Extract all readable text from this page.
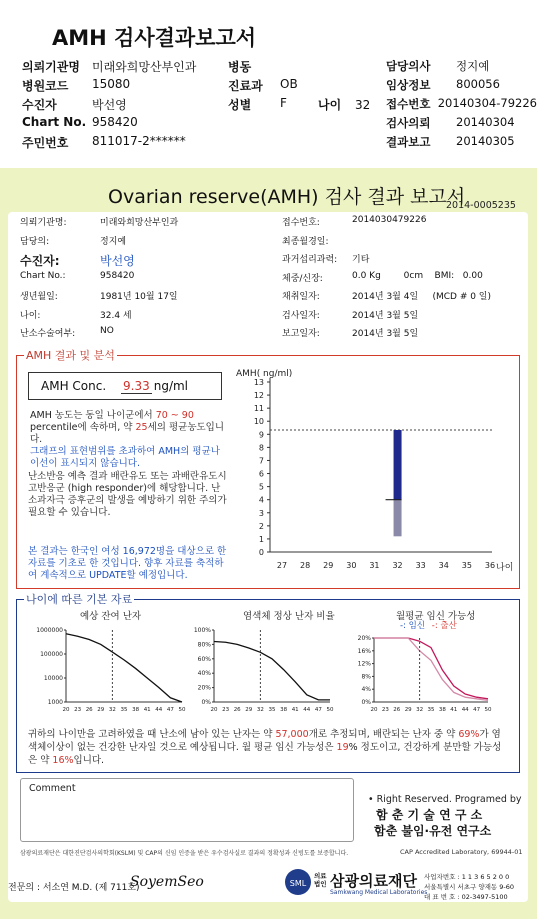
AMH 검사결과보고서
의뢰기관명	미래와희망산부인과
병원코드	15080
수진자	박선영
Chart No. 958420
주민번호	811017-2******
병동
진료과	OB
성별	F	나이 32
담당의사	정지예
임상정보	800056
접수번호 20140304-79226
검사의뢰	20140304
결과보고	20140305
Ovarian reserve(AMH) 검사 결과 보고서
2014-0005235
의뢰기관명:	미래와희망산부인과
담당의:	정지예
수진자:	박선영
Chart No.:	958420
생년월일:	1981년 10월 17일
나이:	32.4 세
난소수술여부:	NO
접수번호:	2014030479226
최종월경일:
과거섭리과력:	기타
체중/신장:	0.0 Kg        0cm    BMI:   0.00
채취일자:	2014년 3월 4일     (MCD # 0 일)
검사일자:	2014년 3월 5일
보고일자:	2014년 3월 5일
AMH 결과 및 분석
AMH Conc.	9.33 ng/ml
AMH 농도는 동일 나이군에서 70 ~ 90 percentile에 속하며, 약 25세의 평균농도입니다.
그래프의 표현범위를 초과하여 AMH의 평균나이선이 표시되지 않습니다.
난소반응 예측 결과 배란유도 또는 과배란유도시 고반응군 (high responder)에 해당합니다. 난소과자극 증후군의 발생을 예방하기 위한 주의가 필요할 수 있습니다.
본 결과는 한국인 여성 16,972명을 대상으로 한 자료를 기초로 한 것입니다. 향후 자료를 축적하여 계속적으로 UPDATE할 예정입니다.
AMH( ng/ml)
0
1
2
3
4
5
6
7
8
9
10
11
12
13
27 28 29 30 31 32 33 34 35 36 나이
나이에 따른 기본 자료
예상 잔여 난자	염색체 정상 난자 비율	월평균 임신 가능성
-: 임신 -: 출산
1000
10000
100000
1000000
20 23 26 29 32 35 38 41 44 47 50
0%
20%
40%
60%
80%
100%
20 23 26 29 32 35 38 41 44 47 50
0%
4%
8%
12%
16%
20%
20 23 26 29 32 35 38 41 44 47 50
귀하의 나이만을 고려하였을 때 난소에 남아 있는 난자는 약 57,000개로 추정되며, 배란되는 난자 중 약 69%가 염색체이상이 없는 건강한 난자일 것으로 예상됩니다. 월 평균 임신 가능성은 19% 정도이고, 건강하게 분만할 가능성은 약 16%입니다.
Comment
• Right Reserved. Programed by
함 춘 기 술 연 구 소
함춘 불임·유전 연구소
삼광의료재단은 대한진단검사의학회(KSLM) 및 CAP의 신임 인증을 받은 우수검사실로 결과의 정확성과 신빙도를 보증합니다.	CAP Accredited Laboratory, 69944-01
전문의 : 서소연 M.D. (제 711호)
SoyemSeo	SML
의료
법인 삼광의료재단
Samkwang Medical Laboratories
사업자번호 : 1 1 3 6 5 2 0 0
서울특별시 서초구 양재동 9-60
대 표 번 호 : 02-3497-5100
